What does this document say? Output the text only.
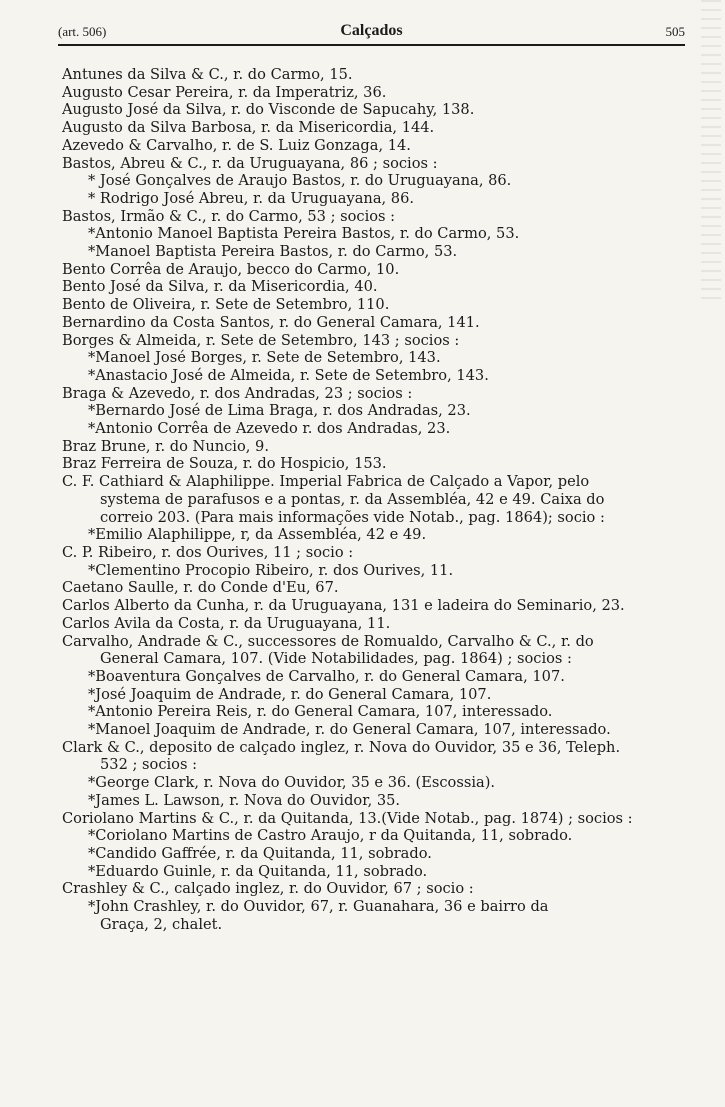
(art. 506)	Calçados	505
Antunes da Silva & C., r. do Carmo, 15.
Augusto Cesar Pereira, r. da Imperatriz, 36.
Augusto José da Silva, r. do Visconde de Sapucahy, 138.
Augusto da Silva Barbosa, r. da Misericordia, 144.
Azevedo & Carvalho, r. de S. Luiz Gonzaga, 14.
Bastos, Abreu & C., r. da Uruguayana, 86 ; socios :
* José Gonçalves de Araujo Bastos, r. do Uruguayana, 86.
* Rodrigo José Abreu, r. da Uruguayana, 86.
Bastos, Irmão & C., r. do Carmo, 53 ; socios :
*Antonio Manoel Baptista Pereira Bastos, r. do Carmo, 53.
*Manoel Baptista Pereira Bastos, r. do Carmo, 53.
Bento Corrêa de Araujo, becco do Carmo, 10.
Bento José da Silva, r. da Misericordia, 40.
Bento de Oliveira, r. Sete de Setembro, 110.
Bernardino da Costa Santos, r. do General Camara, 141.
Borges & Almeida, r. Sete de Setembro, 143 ; socios :
*Manoel José Borges, r. Sete de Setembro, 143.
*Anastacio José de Almeida, r. Sete de Setembro, 143.
Braga & Azevedo, r. dos Andradas, 23 ; socios :
*Bernardo José de Lima Braga, r. dos Andradas, 23.
*Antonio Corrêa de Azevedo r. dos Andradas, 23.
Braz Brune, r. do Nuncio, 9.
Braz Ferreira de Souza, r. do Hospicio, 153.
C. F. Cathiard & Alaphilippe. Imperial Fabrica de Calçado a Vapor, pelo
systema de parafusos e a pontas, r. da Assembléa, 42 e 49. Caixa do
correio 203. (Para mais informações vide Notab., pag. 1864); socio :
*Emilio Alaphilippe, r, da Assembléa, 42 e 49.
C. P. Ribeiro, r. dos Ourives, 11 ; socio :
*Clementino Procopio Ribeiro, r. dos Ourives, 11.
Caetano Saulle, r. do Conde d'Eu, 67.
Carlos Alberto da Cunha, r. da Uruguayana, 131 e ladeira do Seminario, 23.
Carlos Avila da Costa, r. da Uruguayana, 11.
Carvalho, Andrade & C., successores de Romualdo, Carvalho & C., r. do
General Camara, 107. (Vide Notabilidades, pag. 1864) ; socios :
*Boaventura Gonçalves de Carvalho, r. do General Camara, 107.
*José Joaquim de Andrade, r. do General Camara, 107.
*Antonio Pereira Reis, r. do General Camara, 107, interessado.
*Manoel Joaquim de Andrade, r. do General Camara, 107, interessado.
Clark & C., deposito de calçado inglez, r. Nova do Ouvidor, 35 e 36, Teleph.
532 ; socios :
*George Clark, r. Nova do Ouvidor, 35 e 36. (Escossia).
*James L. Lawson, r. Nova do Ouvidor, 35.
Coriolano Martins & C., r. da Quitanda, 13.(Vide Notab., pag. 1874) ; socios :
*Coriolano Martins de Castro Araujo, r da Quitanda, 11, sobrado.
*Candido Gaffrée, r. da Quitanda, 11, sobrado.
*Eduardo Guinle, r. da Quitanda, 11, sobrado.
Crashley & C., calçado inglez, r. do Ouvidor, 67 ; socio :
*John Crashley, r. do Ouvidor, 67, r. Guanahara, 36 e bairro da
Graça, 2, chalet.
